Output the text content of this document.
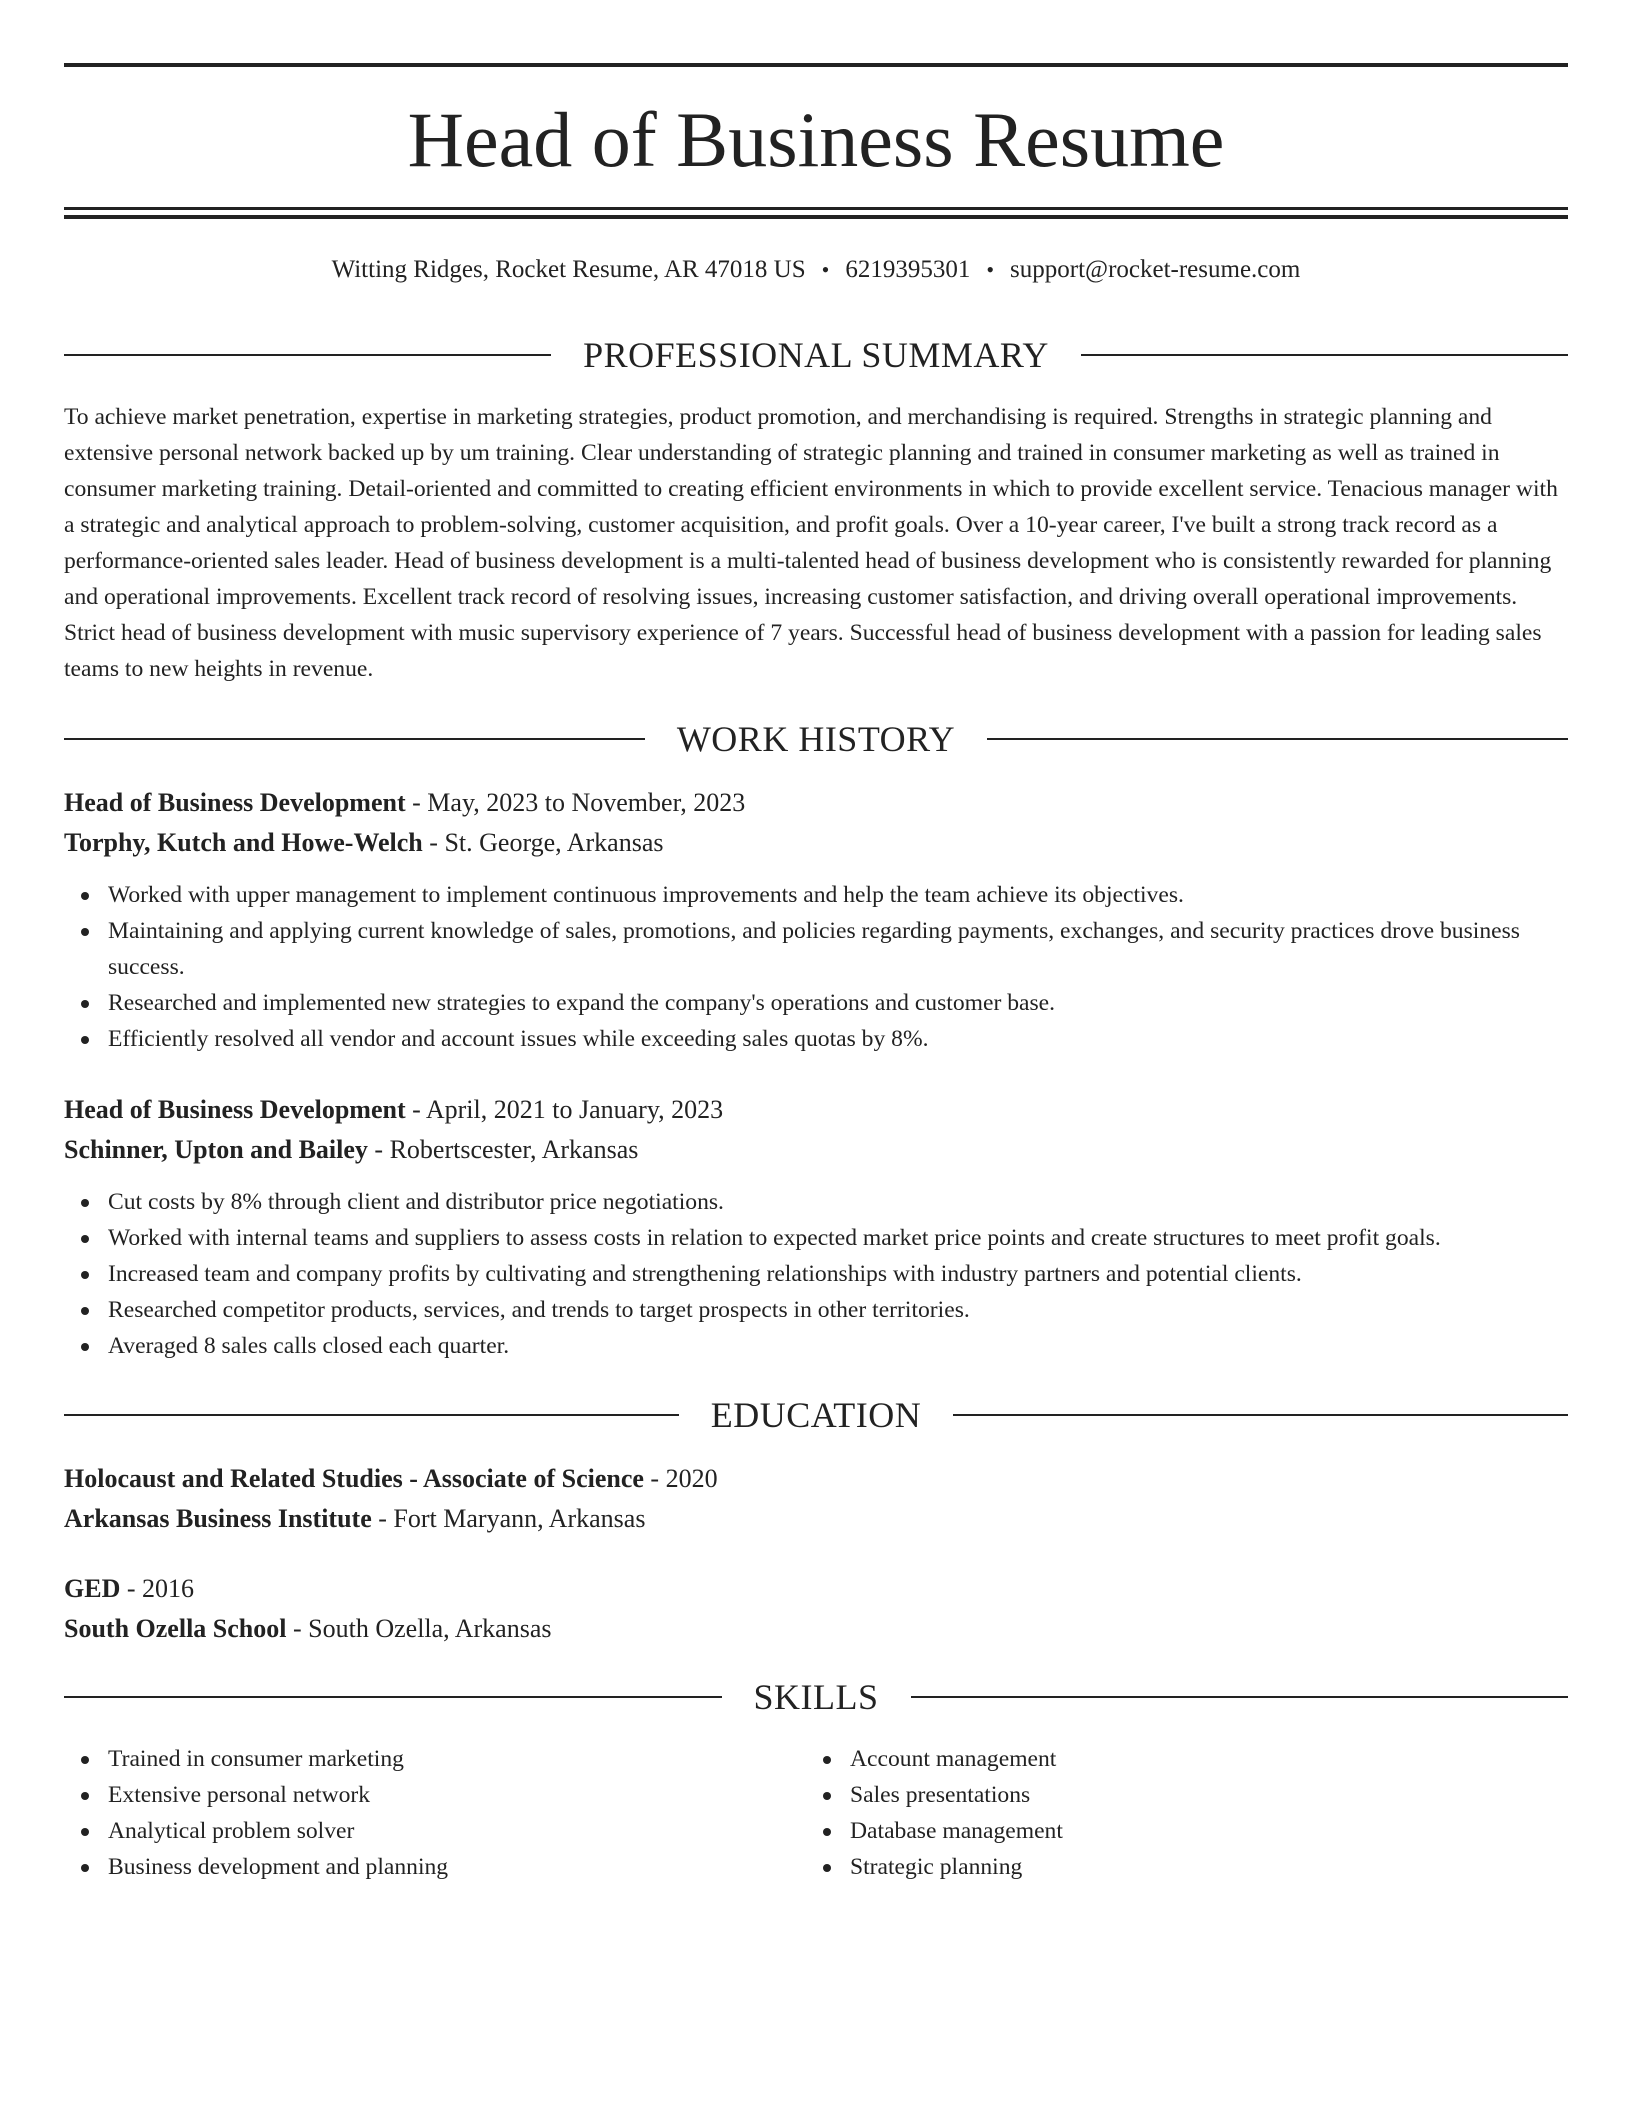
Head of Business Resume
Witting Ridges, Rocket Resume, AR 47018 US • 6219395301 • support@rocket-resume.com
PROFESSIONAL SUMMARY

To achieve market penetration, expertise in marketing strategies, product promotion, and merchandising is required. Strengths in strategic planning and extensive personal network backed up by um training. Clear understanding of strategic planning and trained in consumer marketing as well as trained in consumer marketing training. Detail-oriented and committed to creating efficient environments in which to provide excellent service. Tenacious manager with a strategic and analytical approach to problem-solving, customer acquisition, and profit goals. Over a 10-year career, I've built a strong track record as a performance-oriented sales leader. Head of business development is a multi-talented head of business development who is consistently rewarded for planning and operational improvements. Excellent track record of resolving issues, increasing customer satisfaction, and driving overall operational improvements. Strict head of business development with music supervisory experience of 7 years. Successful head of business development with a passion for leading sales teams to new heights in revenue.

WORK HISTORY
Head of Business Development - May, 2023 to November, 2023
Torphy, Kutch and Howe-Welch - St. George, Arkansas
Worked with upper management to implement continuous improvements and help the team achieve its objectives.
Maintaining and applying current knowledge of sales, promotions, and policies regarding payments, exchanges, and security practices drove business success.
Researched and implemented new strategies to expand the company's operations and customer base.
Efficiently resolved all vendor and account issues while exceeding sales quotas by 8%.
Head of Business Development - April, 2021 to January, 2023
Schinner, Upton and Bailey - Robertscester, Arkansas
Cut costs by 8% through client and distributor price negotiations.
Worked with internal teams and suppliers to assess costs in relation to expected market price points and create structures to meet profit goals.
Increased team and company profits by cultivating and strengthening relationships with industry partners and potential clients.
Researched competitor products, services, and trends to target prospects in other territories.
Averaged 8 sales calls closed each quarter.
EDUCATION
Holocaust and Related Studies - Associate of Science - 2020
Arkansas Business Institute - Fort Maryann, Arkansas
GED - 2016
South Ozella School - South Ozella, Arkansas
SKILLS
Trained in consumer marketing
Extensive personal network
Analytical problem solver
Business development and planning
Account management
Sales presentations
Database management
Strategic planning
